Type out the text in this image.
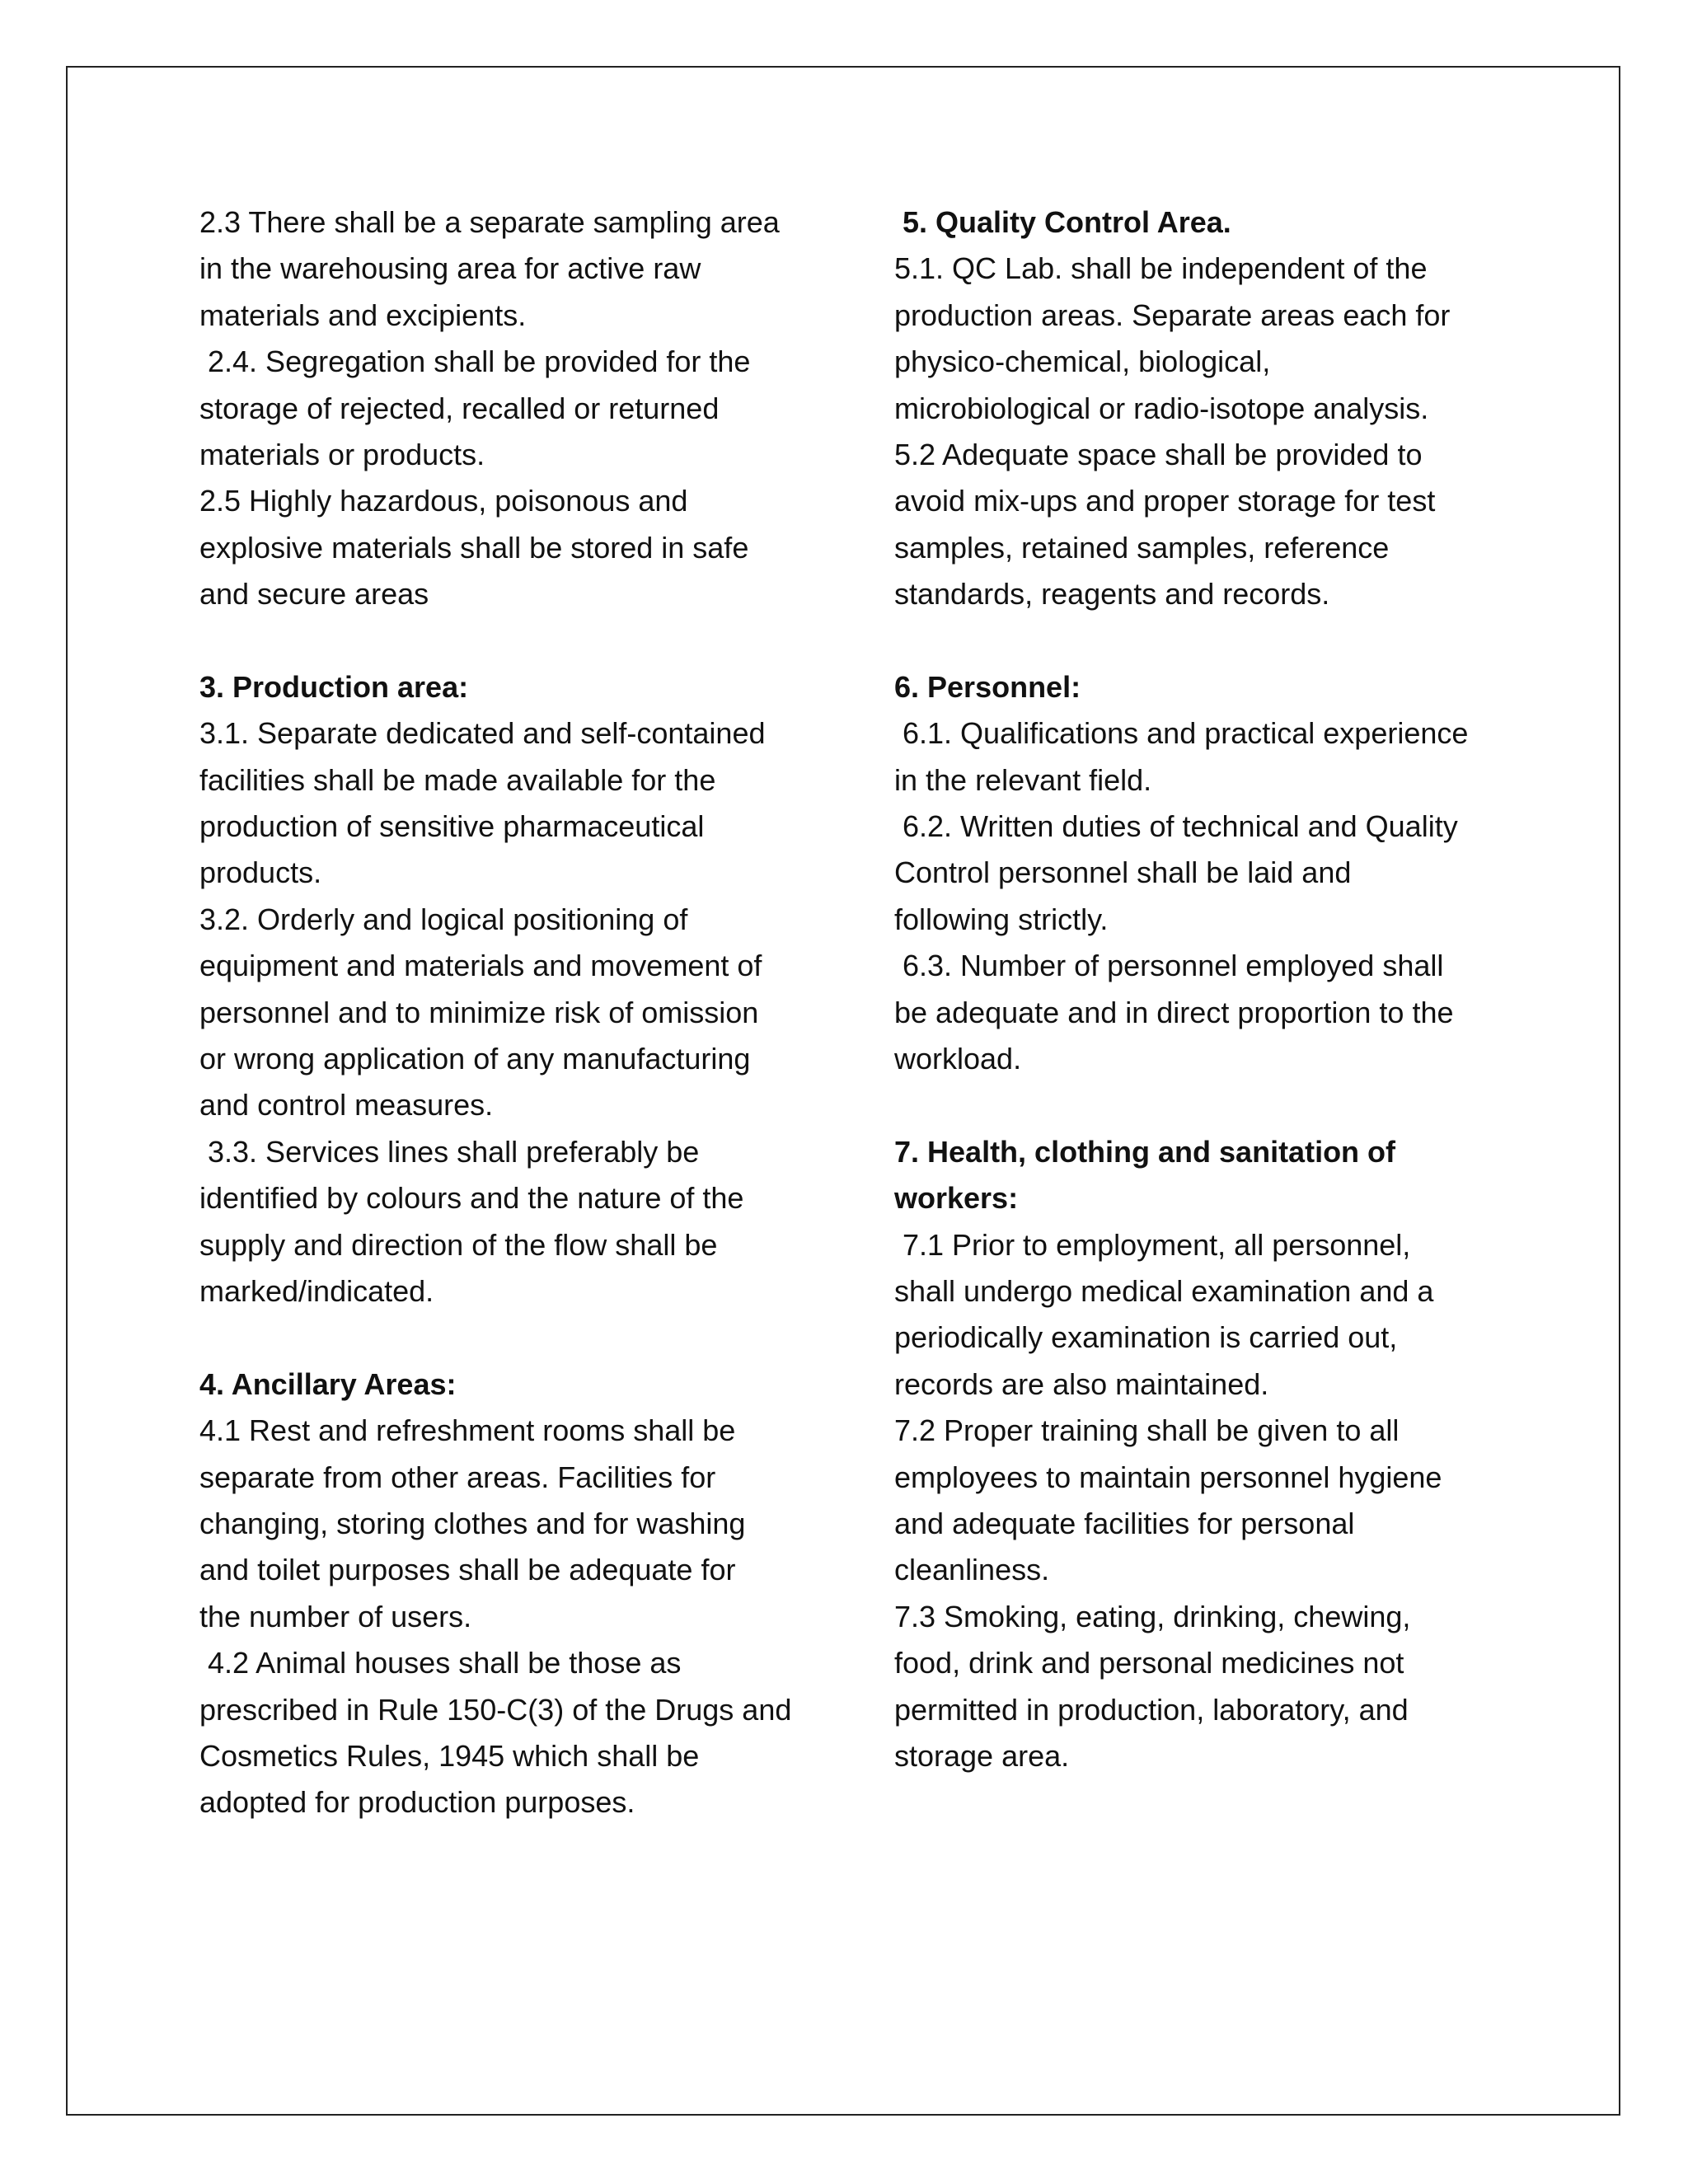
2.3 There shall be a separate sampling area
in the warehousing area for active raw
materials and excipients.
2.4. Segregation shall be provided for the
storage of rejected, recalled or returned
materials or products.
2.5 Highly hazardous, poisonous and
explosive materials shall be stored in safe
and secure areas
3. Production area:
3.1. Separate dedicated and self-contained
facilities shall be made available for the
production of sensitive pharmaceutical
products.
3.2. Orderly and logical positioning of
equipment and materials and movement of
personnel and to minimize risk of omission
or wrong application of any manufacturing
and control measures.
3.3. Services lines shall preferably be
identified by colours and the nature of the
supply and direction of the flow shall be
marked/indicated.
4. Ancillary Areas:
4.1 Rest and refreshment rooms shall be
separate from other areas. Facilities for
changing, storing clothes and for washing
and toilet purposes shall be adequate for
the number of users.
4.2 Animal houses shall be those as
prescribed in Rule 150-C(3) of the Drugs and
Cosmetics Rules, 1945 which shall be
adopted for production purposes.
5. Quality Control Area.
5.1. QC Lab. shall be independent of the
production areas. Separate areas each for
physico-chemical, biological,
microbiological or radio-isotope analysis.
5.2 Adequate space shall be provided to
avoid mix-ups and proper storage for test
samples, retained samples, reference
standards, reagents and records.
6. Personnel:
6.1. Qualifications and practical experience
in the relevant field.
6.2. Written duties of technical and Quality
Control personnel shall be laid and
following strictly.
6.3. Number of personnel employed shall
be adequate and in direct proportion to the
workload.
7. Health, clothing and sanitation of
workers:
7.1 Prior to employment, all personnel,
shall undergo medical examination and a
periodically examination is carried out,
records are also maintained.
7.2 Proper training shall be given to all
employees to maintain personnel hygiene
and adequate facilities for personal
cleanliness.
7.3 Smoking, eating, drinking, chewing,
food, drink and personal medicines not
permitted in production, laboratory, and
storage area.
